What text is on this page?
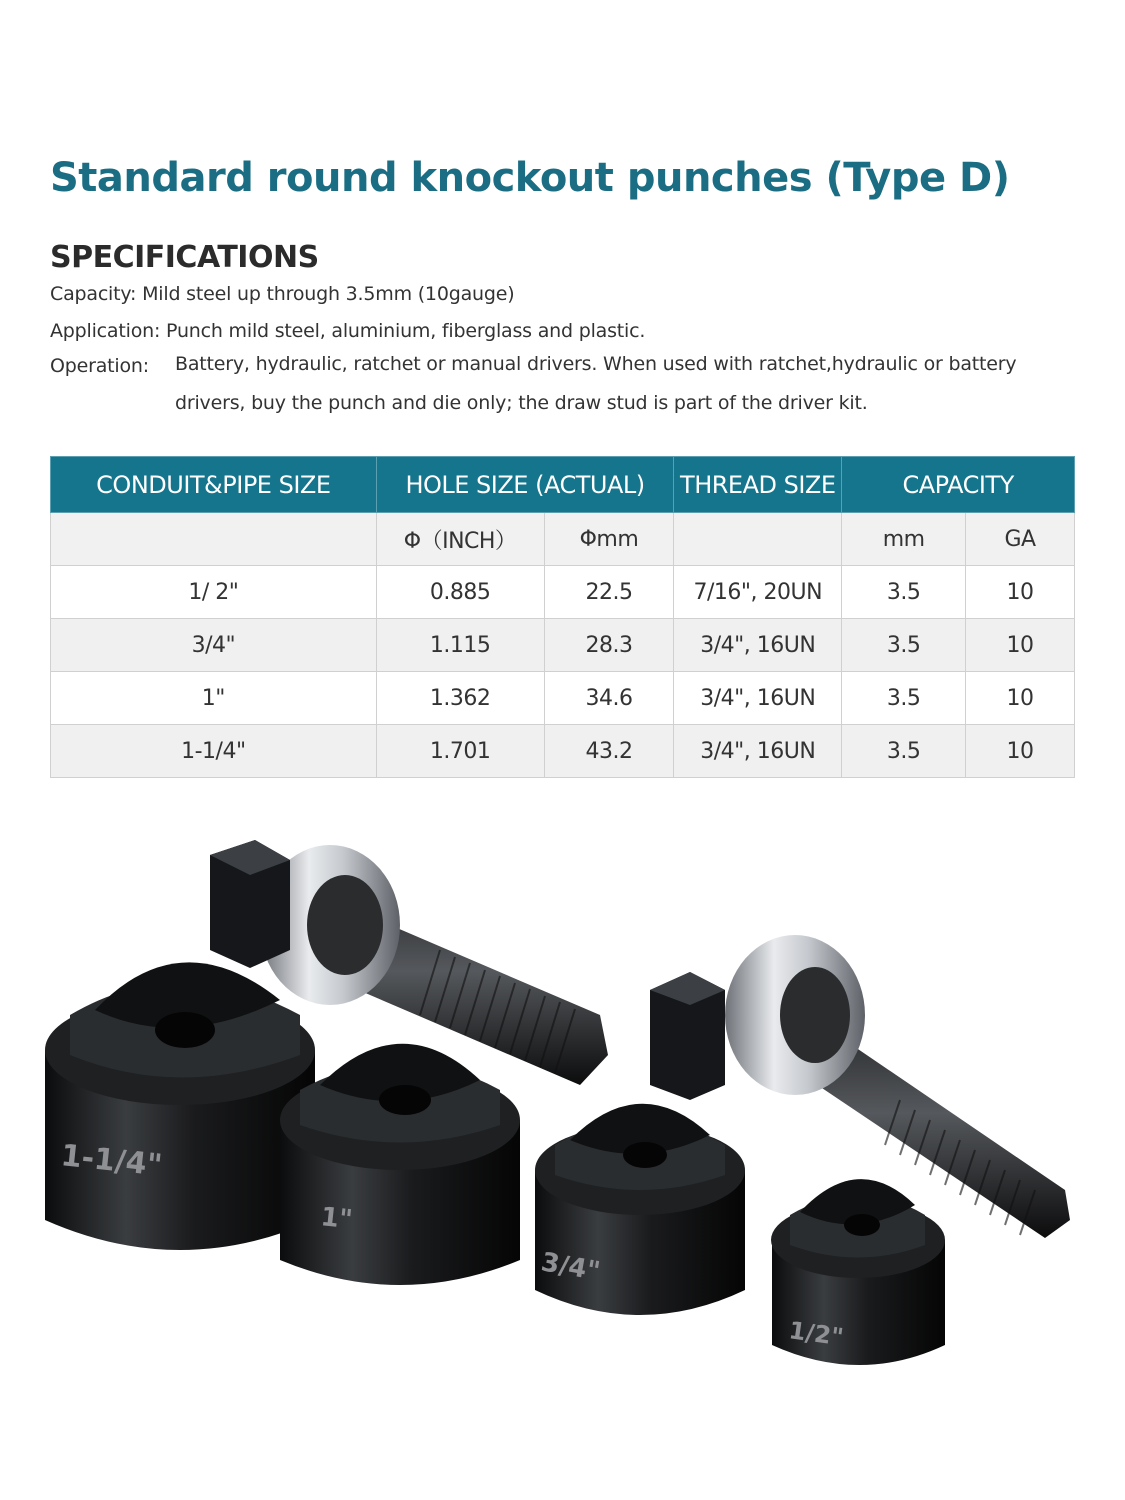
Standard round knockout punches (Type D)
SPECIFICATIONS
Capacity: Mild steel up through 3.5mm (10gauge)
Application: Punch mild steel, aluminium, fiberglass and plastic.
Operation: Battery, hydraulic, ratchet or manual drivers. When used with ratchet,hydraulic or battery drivers, buy the punch and die only; the draw stud is part of the driver kit.
CONDUIT&PIPE SIZE	HOLE SIZE (ACTUAL)		THREAD SIZE	CAPACITY	
	Φ（INCH）	Φmm		mm	GA
1/ 2"	0.885	22.5	7/16", 20UN	3.5	10
3/4"	1.115	28.3	3/4", 16UN	3.5	10
1"	1.362	34.6	3/4", 16UN	3.5	10
1-1/4"	1.701	43.2	3/4", 16UN	3.5	10
1-1/4"
1"
3/4"
1/2"
